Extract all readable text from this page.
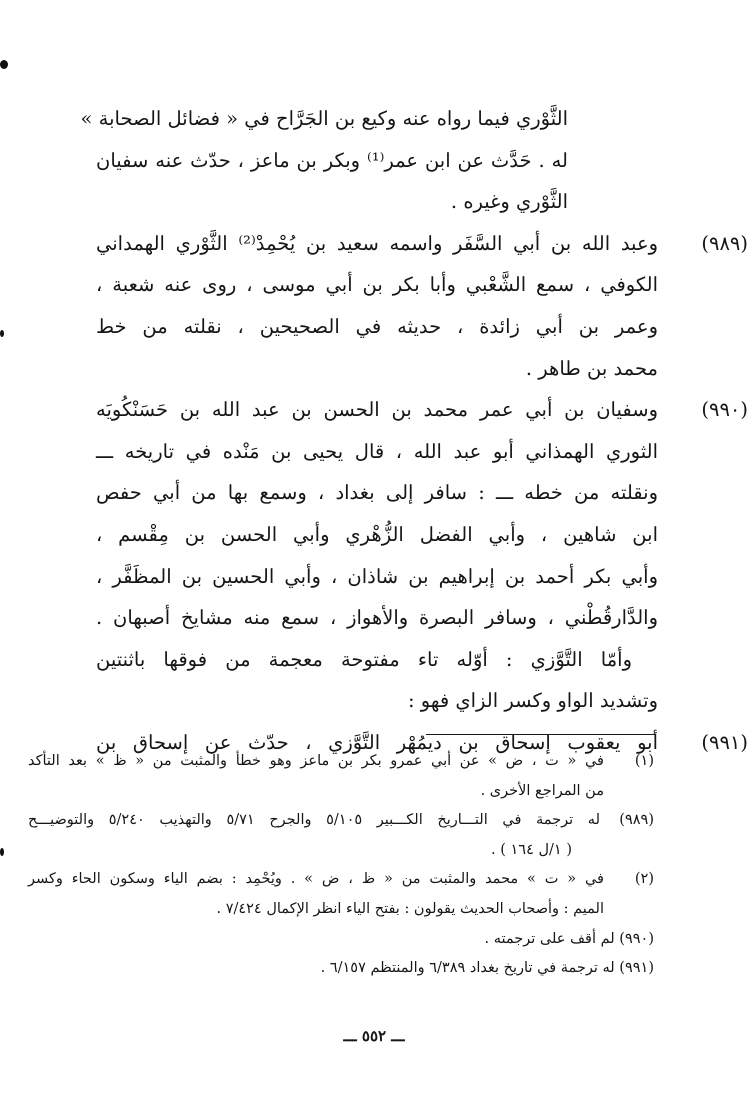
الثَّوْري فيما رواه عنه وكيع بن الجَرَّاح في « فضائل الصحابة »
له . حَدَّث عن ابن عمر⁽¹⁾ وبكر بن ماعز ، حدّث عنه سفيان
الثَّوْري وغيره .
(٩٨٩)
وعبد الله بن أبي السَّفَر واسمه سعيد بن يُحْمِدْ⁽²⁾ الثَّوْري الهمداني
الكوفي ، سمع الشَّعْبي وأبا بكر بن أبي موسى ، روى عنه شعبة ،
وعمر بن أبي زائدة ، حديثه في الصحيحين ، نقلته من خط
محمد بن طاهر .
(٩٩٠)
وسفيان بن أبي عمر محمد بن الحسن بن عبد الله بن حَسَنْكُويَه
الثوري الهمذاني أبو عبد الله ، قال يحيى بن مَنْده في تاريخه ـــ
ونقلته من خطه ـــ : سافر إلى بغداد ، وسمع بها من أبي حفص
ابن شاهين ، وأبي الفضل الزُّهْري وأبي الحسن بن مِقْسم ،
وأبي بكر أحمد بن إبراهيم بن شاذان ، وأبي الحسين بن المظَفَّر ،
والدَّارقُطْني ، وسافر البصرة والأهواز ، سمع منه مشايخ أصبهان .
وأمّا التَّوَّزي : أوّله تاء مفتوحة معجمة من فوقها باثنتين
وتشديد الواو وكسر الزاي فهو :
(٩٩١)
أبو يعقوب إسحاق بن ديمُهْر التَّوَّزي ، حدّث عن إسحاق بن
(١)
في « ت ، ض » عن أبي عمرو بكر بن ماعز وهو خطأ والمثبت من « ظ » بعد التأكد
من المراجع الأخرى .
(٩٨٩)
له ترجمة في التـــاريخ الكـــبير ٥/١٠٥ والجرح ٥/٧١ والتهذيب ٥/٢٤٠ والتوضيـــح
( ١/ل ١٦٤ ) .
(٢)
في « ت » محمد والمثبت من « ظ ، ض » . ويُحْمِد : بضم الياء وسكون الحاء وكسر
الميم : وأصحاب الحديث يقولون : بفتح الياء انظر الإكمال ٧/٤٢٤ .
(٩٩٠) لم أقف على ترجمته .
(٩٩١) له ترجمة في تاريخ بغداد ٦/٣٨٩ والمنتظم ٦/١٥٧ .
ـــ ٥٥٢ ـــ
